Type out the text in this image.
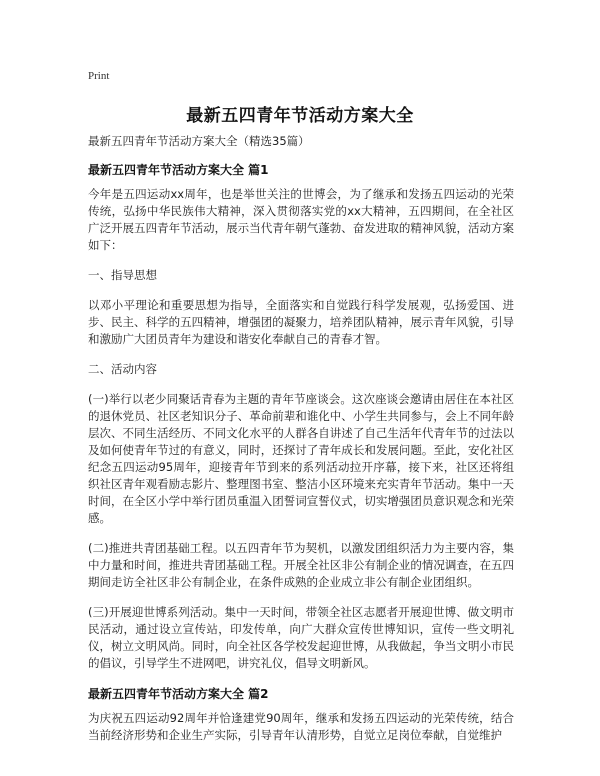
Print
最新五四青年节活动方案大全

最新五四青年节活动方案大全（精选35篇）

最新五四青年节活动方案大全 篇1

今年是五四运动xx周年，也是举世关注的世博会，为了继承和发扬五四运动的光荣传统，弘扬中华民族伟大精神，深入贯彻落实党的xx大精神，五四期间，在全社区广泛开展五四青年节活动，展示当代青年朝气蓬勃、奋发进取的精神风貌，活动方案如下：

一、指导思想

以邓小平理论和重要思想为指导，全面落实和自觉践行科学发展观，弘扬爱国、进步、民主、科学的五四精神，增强团的凝聚力，培养团队精神，展示青年风貌，引导和激励广大团员青年为建设和谐安化奉献自己的青春才智。

二、活动内容

(一)举行以老少同聚话青春为主题的青年节座谈会。这次座谈会邀请由居住在本社区的退休党员、社区老知识分子、革命前辈和谁化中、小学生共同参与，会上不同年龄层次、不同生活经历、不同文化水平的人群各自讲述了自己生活年代青年节的过法以及如何使青年节过的有意义，同时，还探讨了青年成长和发展问题。至此，安化社区纪念五四运动95周年，迎接青年节到来的系列活动拉开序幕，接下来，社区还将组织社区青年观看励志影片、整理图书室、整洁小区环境来充实青年节活动。集中一天时间，在全区小学中举行团员重温入团誓词宣誓仪式，切实增强团员意识观念和光荣感。

(二)推进共青团基础工程。以五四青年节为契机，以激发团组织活力为主要内容，集中力量和时间，推进共青团基础工程。开展全社区非公有制企业的情况调查，在五四期间走访全社区非公有制企业，在条件成熟的企业成立非公有制企业团组织。

(三)开展迎世博系列活动。集中一天时间，带领全社区志愿者开展迎世博、做文明市民活动，通过设立宣传站，印发传单，向广大群众宣传世博知识，宣传一些文明礼仪，树立文明风尚。同时，向全社区各学校发起迎世博，从我做起，争当文明小市民的倡议，引导学生不进网吧，讲究礼仪，倡导文明新风。

最新五四青年节活动方案大全 篇2

为庆祝五四运动92周年并恰逢建党90周年，继承和发扬五四运动的光荣传统，结合当前经济形势和企业生产实际，引导青年认清形势，自觉立足岗位奉献，自觉维护
